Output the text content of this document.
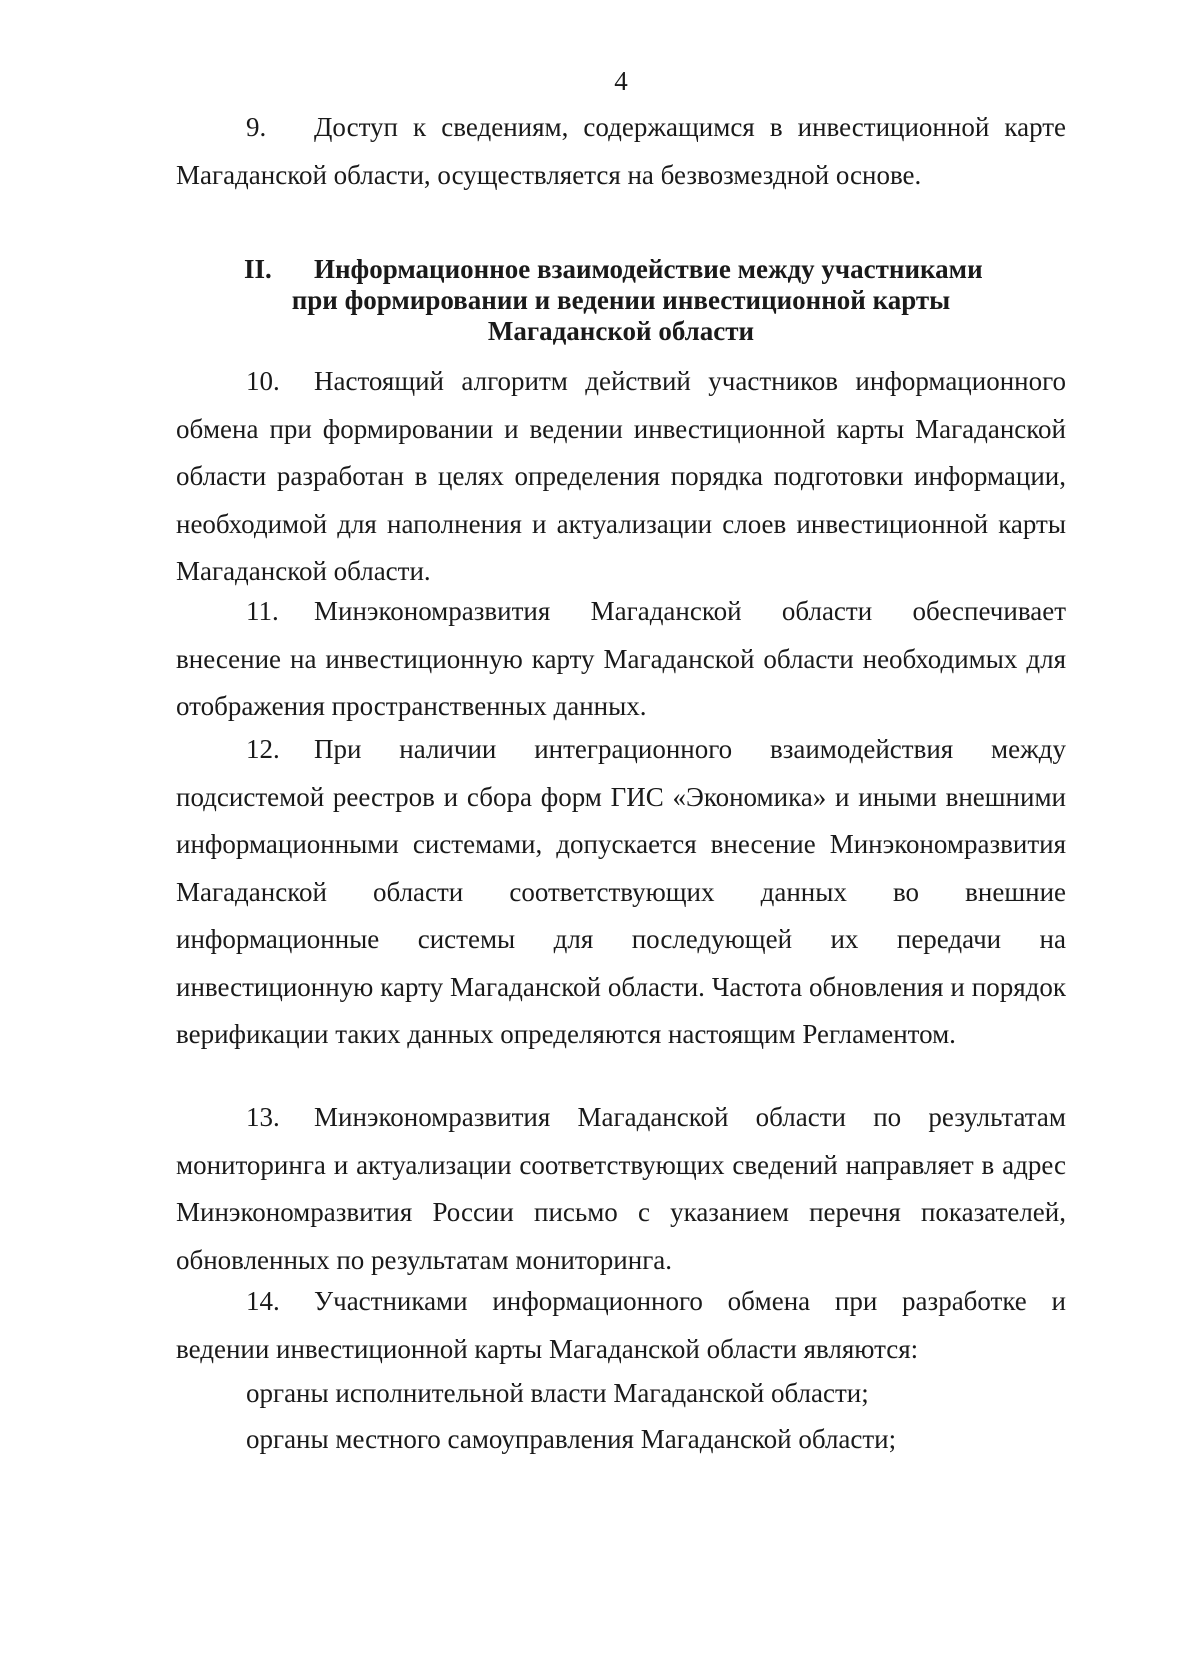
4

9. Доступ к сведениям, содержащимся в инвестиционной карте Магаданской области, осуществляется на безвозмездной основе.

II. Информационное взаимодействие между участниками
при формировании и ведении инвестиционной карты
Магаданской области

10. Настоящий алгоритм действий участников информационного обмена при формировании и ведении инвестиционной карты Магаданской области разработан в целях определения порядка подготовки информации, необходимой для наполнения и актуализации слоев инвестиционной карты Магаданской области.

11. Минэкономразвития Магаданской области обеспечивает внесение на инвестиционную карту Магаданской области необходимых для отображения пространственных данных.

12. При наличии интеграционного взаимодействия между подсистемой реестров и сбора форм ГИС «Экономика» и иными внешними информационными системами, допускается внесение Минэкономразвития Магаданской области соответствующих данных во внешние информационные системы для последующей их передачи на инвестиционную карту Магаданской области. Частота обновления и порядок верификации таких данных определяются настоящим Регламентом.

13. Минэкономразвития Магаданской области по результатам мониторинга и актуализации соответствующих сведений направляет в адрес Минэкономразвития России письмо с указанием перечня показателей, обновленных по результатам мониторинга.

14. Участниками информационного обмена при разработке и ведении инвестиционной карты Магаданской области являются:

органы исполнительной власти Магаданской области;

органы местного самоуправления Магаданской области;
